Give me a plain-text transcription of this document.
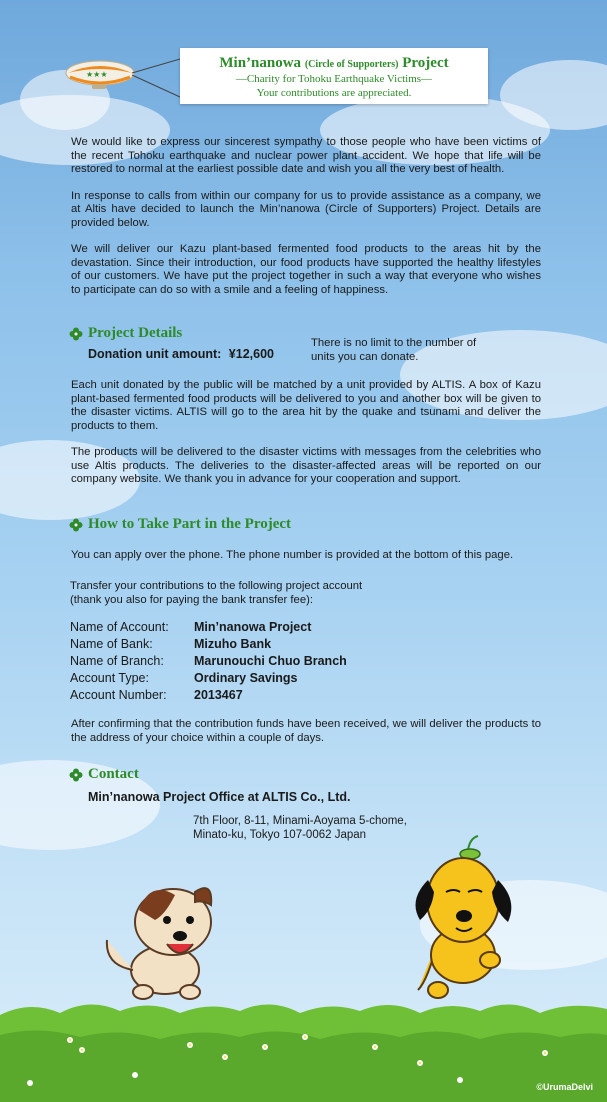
★★★
Min’nanowa (Circle of Supporters) Project
—Charity for Tohoku Earthquake Victims—
Your contributions are appreciated.

We would like to express our sincerest sympathy to those people who have been victims of the recent Tohoku earthquake and nuclear power plant accident. We hope that life will be restored to normal at the earliest possible date and wish you all the very best of health.

In response to calls from within our company for us to provide assistance as a company, we at Altis have decided to launch the Min’nanowa (Circle of Supporters) Project. Details are provided below.

We will deliver our Kazu plant-based fermented food products to the areas hit by the devastation. Since their introduction, our food products have supported the healthy lifestyles of our customers. We have put the project together in such a way that everyone who wishes to participate can do so with a smile and a feeling of happiness.

Project Details
Donation unit amount: ¥12,600
There is no limit to the number of
units you can donate.

Each unit donated by the public will be matched by a unit provided by ALTIS. A box of Kazu plant-based fermented food products will be delivered to you and another box will be given to the disaster victims. ALTIS will go to the area hit by the quake and tsunami and deliver the products to them.

The products will be delivered to the disaster victims with messages from the celebrities who use Altis products. The deliveries to the disaster-affected areas will be reported on our company website. We thank you in advance for your cooperation and support.

How to Take Part in the Project
You can apply over the phone. The phone number is provided at the bottom of this page.
Transfer your contributions to the following project account
(thank you also for paying the bank transfer fee):
Name of Account:	Min’nanowa Project
Name of Bank:	Mizuho Bank
Name of Branch:	Marunouchi Chuo Branch
Account Type:	Ordinary Savings
Account Number:	2013467

After confirming that the contribution funds have been received, we will deliver the products to the address of your choice within a couple of days.

Contact
Min’nanowa Project Office at ALTIS Co., Ltd.
7th Floor, 8-11, Minami-Aoyama 5-chome,
Minato-ku, Tokyo 107-0062 Japan
©UrumaDelvi
